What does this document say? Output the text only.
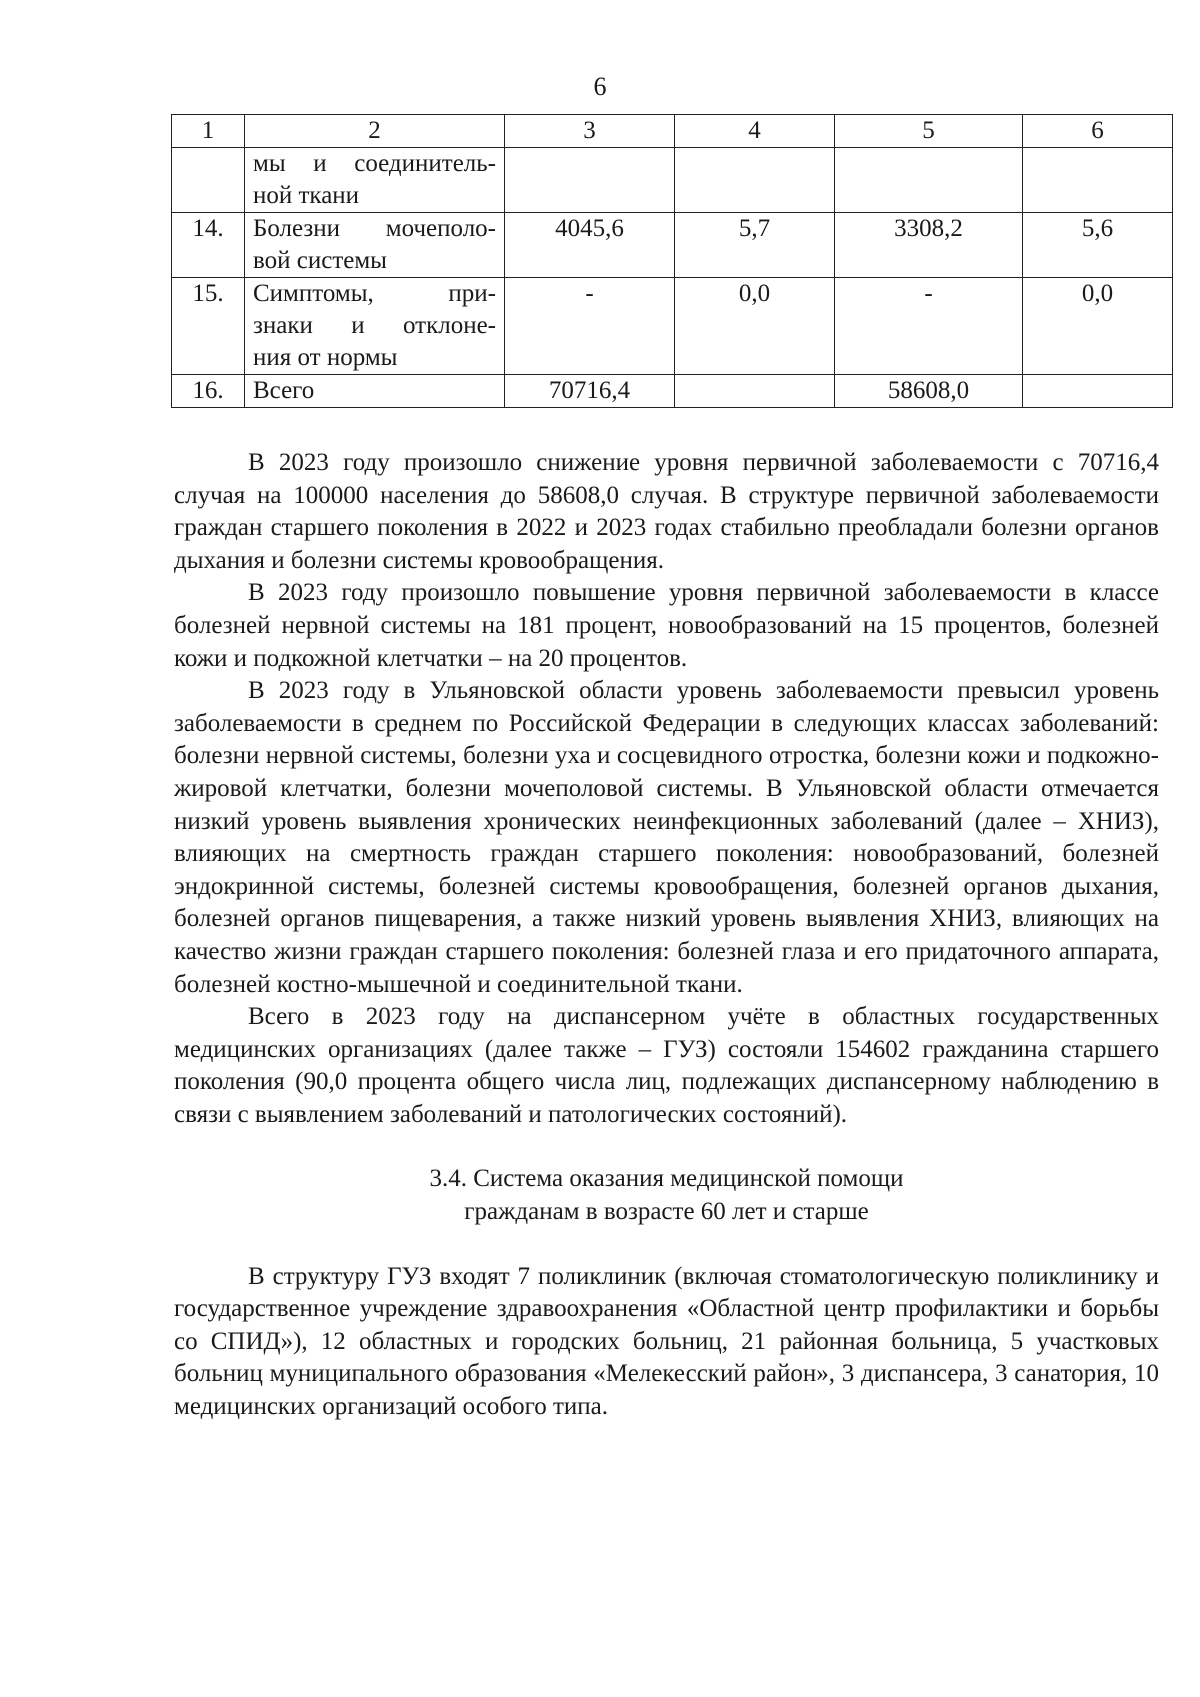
6
1	2	3	4	5	6

	мы и соединитель-
ной ткани				

14.	Болезни мочеполо-
вой системы	4045,6	5,7	3308,2	5,6
15.	Симптомы, при-
знаки и отклоне-
ния от нормы	-	0,0	-	0,0
16.	Всего	70716,4		58608,0	

В 2023 году произошло снижение уровня первичной заболеваемости с 70716,4 случая на 100000 населения до 58608,0 случая. В структуре первичной заболеваемости граждан старшего поколения в 2022 и 2023 годах стабильно преобладали болезни органов дыхания и болезни системы кровообращения.

В 2023 году произошло повышение уровня первичной заболеваемости в классе болезней нервной системы на 181 процент, новообразований на 15 процентов, болезней кожи и подкожной клетчатки – на 20 процентов.

В 2023 году в Ульяновской области уровень заболеваемости превысил уровень заболеваемости в среднем по Российской Федерации в следующих классах заболеваний: болезни нервной системы, болезни уха и сосцевидного отростка, болезни кожи и подкожно-жировой клетчатки, болезни мочеполовой системы. В Ульяновской области отмечается низкий уровень выявления хронических неинфекционных заболеваний (далее – ХНИЗ), влияющих на смертность граждан старшего поколения: новообразований, болезней эндокринной системы, болезней системы кровообращения, болезней органов дыхания, болезней органов пищеварения, а также низкий уровень выявления ХНИЗ, влияющих на качество жизни граждан старшего поколения: болезней глаза и его придаточного аппарата, болезней костно-мышечной и соединительной ткани.

Всего в 2023 году на диспансерном учёте в областных государственных медицинских организациях (далее также – ГУЗ) состояли 154602 гражданина старшего поколения (90,0 процента общего числа лиц, подлежащих диспансерному наблюдению в связи с выявлением заболеваний и патологических состояний).

3.4. Система оказания медицинской помощи
гражданам в возрасте 60 лет и старше

В структуру ГУЗ входят 7 поликлиник (включая стоматологическую поликлинику и государственное учреждение здравоохранения «Областной центр профилактики и борьбы со СПИД»), 12 областных и городских больниц, 21 районная больница, 5 участковых больниц муниципального образования «Мелекесский район», 3 диспансера, 3 санатория, 10 медицинских организаций особого типа.
